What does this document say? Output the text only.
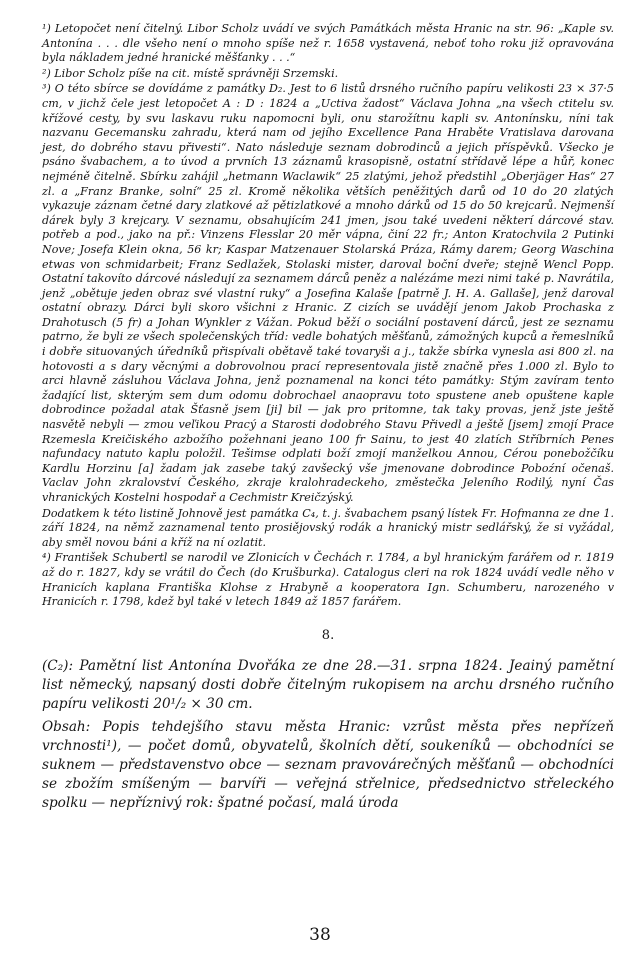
¹) Letopočet není čitelný. Libor Scholz uvádí ve svých Památkách města Hranic na str. 96: „Kaple sv. Antonína . . . dle všeho není o mnoho spíše než r. 1658 vystavená, neboť toho roku již opravována byla nákladem jedné hranické měšťanky . . .“

²) Libor Scholz píše na cit. místě správněji Srzemski.

³) O této sbírce se dovídáme z památky D₂. Jest to 6 listů drsného ručního papíru velikosti 23 × 37·5 cm, v jichž čele jest letopočet A : D : 1824 a „Uctiva žadost“ Václava Johna „na všech ctitelu sv. křížové cesty, by svu laskavu ruku napomocni byli, onu starožítnu kapli sv. Antonínsku, níni tak nazvanu Gecemansku zahradu, která nam od jejího Excellence Pana Hraběte Vratislava darovana jest, do dobrého stavu přivesti“. Nato následuje seznam dobrodinců a jejich příspěvků. Všecko je psáno švabachem, a to úvod a prvních 13 záznamů krasopisně, ostatní střídavě lépe a hůř, konec nejméně čitelně. Sbírku zahájil „hetmann Waclawik“ 25 zlatými, jehož předstihl „Oberjäger Has“ 27 zl. a „Franz Branke, solní“ 25 zl. Kromě několika větších peněžitých darů od 10 do 20 zlatých vykazuje záznam četné dary zlatkové až pětizlatkové a mnoho dárků od 15 do 50 krejcarů. Nejmenší dárek byly 3 krejcary. V seznamu, obsahujícím 241 jmen, jsou také uvedeni některí dárcové stav. potřeb a pod., jako na př.: Vinzens Flesslar 20 měr vápna, činí 22 fr.; Anton Kratochvila 2 Putinki Nove; Josefa Klein okna, 56 kr; Kaspar Matzenauer Stolarská Práza, Rámy darem; Georg Waschina etwas von schmidarbeit; Franz Sedlažek, Stolaski mister, daroval boční dveře; stejně Wencl Popp. Ostatní takovíto dárcové následují za seznamem dárců peněz a nalézáme mezi nimi také p. Navrátila, jenž „obětuje jeden obraz své vlastní ruky“ a Josefina Kalaše [patrně J. H. A. Gallaše], jenž daroval ostatní obrazy. Dárci byli skoro všichni z Hranic. Z cizích se uvádějí jenom Jakob Prochaska z Drahotusch (5 fr) a Johan Wynkler z Vážan. Pokud běží o sociální postavení dárců, jest ze seznamu patrno, že byli ze všech společenských tříd: vedle bohatých měšťanů, zámožných kupců a řemeslníků i dobře situovaných úředníků přispívali obětavě také tovaryši a j., takže sbírka vynesla asi 800 zl. na hotovosti a s dary věcnými a dobrovolnou prací representovala jistě značně přes 1.000 zl. Bylo to arci hlavně zásluhou Václava Johna, jenž poznamenal na konci této památky: Stým zavíram tento žadající list, skterým sem dum odomu dobrochael anaopravu toto spustene aneb opuštene kaple dobrodince požadal atak Šťasně jsem [ji] bil — jak pro pritomne, tak taky provas, jenž jste ještě nasvětě nebyli — zmou veľikou Pracý a Starosti dodobrého Stavu Přivedl a ještě [jsem] zmojí Prace Rzemesla Kreičiského azbožího požehnani jeano 100 fr Sainu, to jest 40 zlatích Stříbrních Penes nafundacy natuto kaplu položil. Tešimse odplati boží zmojí manželkou Annou, Cérou ponebožčíku Kardlu Horzinu [a] žadam jak zasebe taký zavšecký vše jmenovane dobrodince Poboźní očenaš. Vaclav John zkralovství Českého, zkraje kralohradeckeho, změstečka Jeleního Rodilý, nyní Čas vhranických Kostelni hospodař a Cechmistr Kreičzýský.

Dodatkem k této listině Johnově jest památka C₄, t. j. švabachem psaný lístek Fr. Hofmanna ze dne 1. září 1824, na němž zaznamenal tento prosiějovský rodák a hranický mistr sedlářský, že si vyžádal, aby směl novou báni a kříž na ní ozlatit.

⁴) František Schubertl se narodil ve Zlonicích v Čechách r. 1784, a byl hranickým farářem od r. 1819 až do r. 1827, kdy se vrátil do Čech (do Krušburka). Catalogus cleri na rok 1824 uvádí vedle něho v Hranicích kaplana Františka Klohse z Hrabyně a kooperatora Ign. Schumberu, narozeného v Hranicích r. 1798, kdež byl také v letech 1849 až 1857 farářem.

8.

(C₂): Pamětní list Antonína Dvořáka ze dne 28.—31. srpna 1824. Jeainý pamětní list německý, napsaný dosti dobře čitelným rukopisem na archu drsného ručního papíru velikosti 20¹/₂ × 30 cm.

Obsah: Popis tehdejšího stavu města Hranic: vzrůst města přes nepřízeň vrchnosti¹), — počet domů, obyvatelů, školních dětí, soukeníků — obchodníci se suknem — představenstvo obce — seznam pravovárečných měšťanů — obchodníci se zbožím smíšeným — barvíři — veřejná střelnice, předsednictvo střeleckého spolku — nepříznivý rok: špatné počasí, malá úroda

38
